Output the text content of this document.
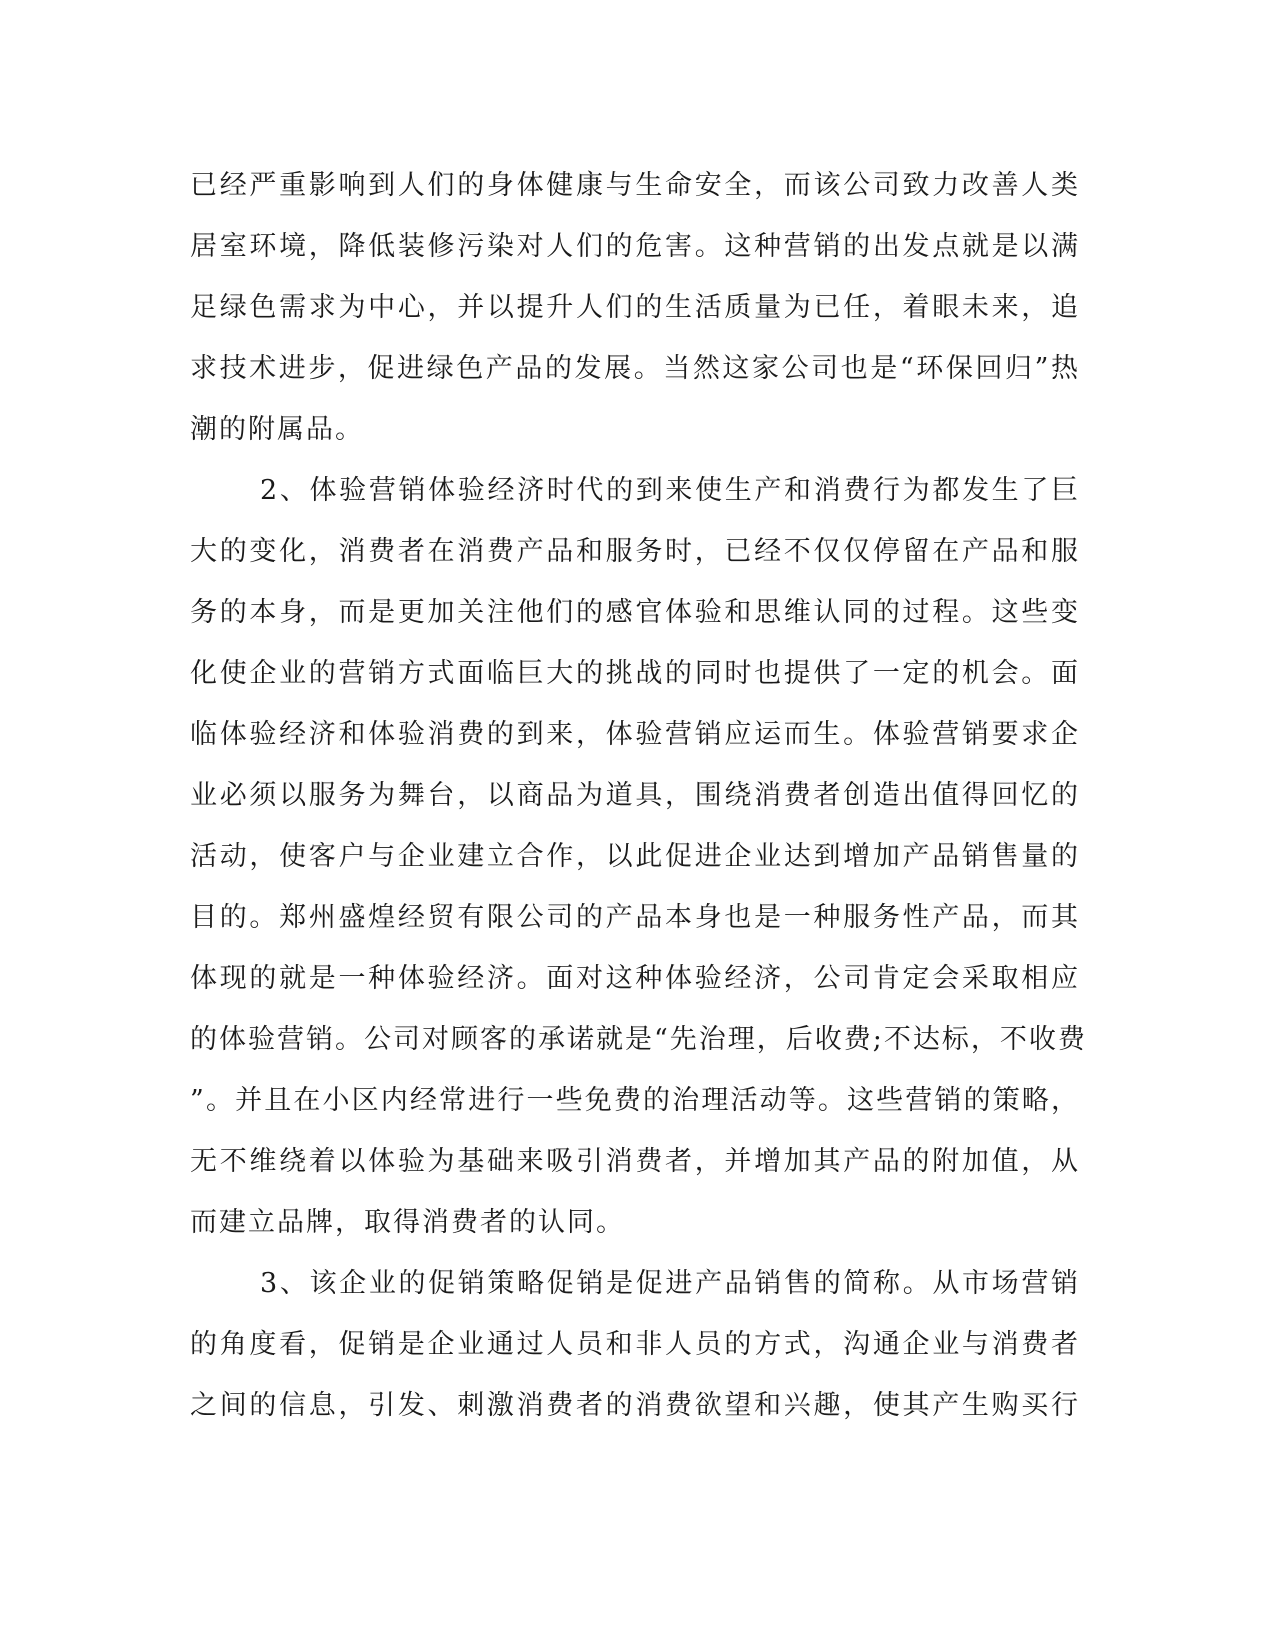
已经严重影响到人们的身体健康与生命安全，而该公司致力改善人类
居室环境，降低装修污染对人们的危害。这种营销的出发点就是以满
足绿色需求为中心，并以提升人们的生活质量为已任，着眼未来，追
求技术进步，促进绿色产品的发展。当然这家公司也是“环保回归”热
潮的附属品。
2、体验营销体验经济时代的到来使生产和消费行为都发生了巨
大的变化，消费者在消费产品和服务时，已经不仅仅停留在产品和服
务的本身，而是更加关注他们的感官体验和思维认同的过程。这些变
化使企业的营销方式面临巨大的挑战的同时也提供了一定的机会。面
临体验经济和体验消费的到来，体验营销应运而生。体验营销要求企
业必须以服务为舞台，以商品为道具，围绕消费者创造出值得回忆的
活动，使客户与企业建立合作，以此促进企业达到增加产品销售量的
目的。郑州盛煌经贸有限公司的产品本身也是一种服务性产品，而其
体现的就是一种体验经济。面对这种体验经济，公司肯定会采取相应
的体验营销。公司对顾客的承诺就是“先治理，后收费;不达标，不收费
”。并且在小区内经常进行一些免费的治理活动等。这些营销的策略，
无不维绕着以体验为基础来吸引消费者，并增加其产品的附加值，从
而建立品牌，取得消费者的认同。
3、该企业的促销策略促销是促进产品销售的简称。从市场营销
的角度看，促销是企业通过人员和非人员的方式，沟通企业与消费者
之间的信息，引发、刺激消费者的消费欲望和兴趣，使其产生购买行
